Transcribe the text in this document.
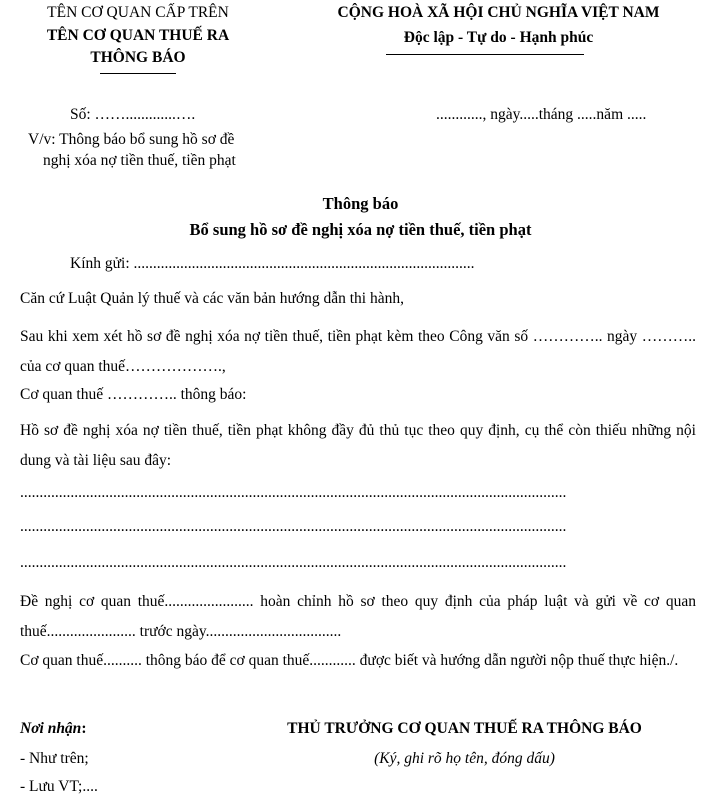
TÊN CƠ QUAN CẤP TRÊN
TÊN CƠ QUAN THUẾ RA
THÔNG BÁO
CỘNG HOÀ XÃ HỘI CHỦ NGHĨA VIỆT NAM
Độc lập - Tự do - Hạnh phúc
Số: …….............….	............, ngày.....tháng .....năm .....
V/v: Thông báo bổ sung hồ sơ đề
nghị xóa nợ tiền thuế, tiền phạt
Thông báo
Bổ sung hồ sơ đề nghị xóa nợ tiền thuế, tiền phạt
Kính gửi: ........................................................................................
Căn cứ Luật Quản lý thuế và các văn bản hướng dẫn thi hành,
Sau khi xem xét hồ sơ đề nghị xóa nợ tiền thuế, tiền phạt kèm theo Công văn số ………….. ngày ……….. của cơ quan thuế……………….,
Cơ quan thuế ………….. thông báo:
Hồ sơ đề nghị xóa nợ tiền thuế, tiền phạt không đầy đủ thủ tục theo quy định, cụ thể còn thiếu những nội dung và tài liệu sau đây:
.............................................................................................................................................
.............................................................................................................................................
.............................................................................................................................................
Đề nghị cơ quan thuế....................... hoàn chỉnh hồ sơ theo quy định của pháp luật và gửi về cơ quan thuế....................... trước ngày...................................
Cơ quan thuế.......... thông báo để cơ quan thuế............ được biết và hướng dẫn người nộp thuế thực hiện./.
Nơi nhận:
- Như trên;
- Lưu VT;....
THỦ TRƯỞNG CƠ QUAN THUẾ RA THÔNG BÁO
(Ký, ghi rõ họ tên, đóng dấu)
